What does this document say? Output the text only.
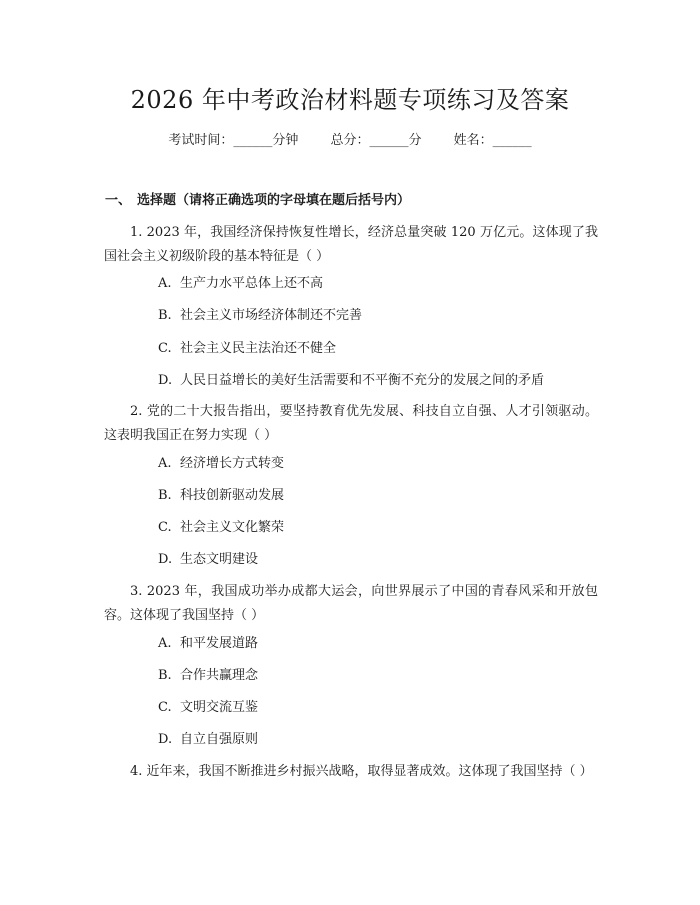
2026 年中考政治材料题专项练习及答案
考试时间：______分钟 总分：______分 姓名：______
一、 选择题（请将正确选项的字母填在题后括号内）
1. 2023 年，我国经济保持恢复性增长，经济总量突破 120 万亿元。这体现了我国社会主义初级阶段的基本特征是（ ）
A. 生产力水平总体上还不高
B. 社会主义市场经济体制还不完善
C. 社会主义民主法治还不健全
D. 人民日益增长的美好生活需要和不平衡不充分的发展之间的矛盾
2. 党的二十大报告指出，要坚持教育优先发展、科技自立自强、人才引领驱动。这表明我国正在努力实现（ ）
A. 经济增长方式转变
B. 科技创新驱动发展
C. 社会主义文化繁荣
D. 生态文明建设
3. 2023 年，我国成功举办成都大运会，向世界展示了中国的青春风采和开放包容。这体现了我国坚持（ ）
A. 和平发展道路
B. 合作共赢理念
C. 文明交流互鉴
D. 自立自强原则
4. 近年来，我国不断推进乡村振兴战略，取得显著成效。这体现了我国坚持（ ）
